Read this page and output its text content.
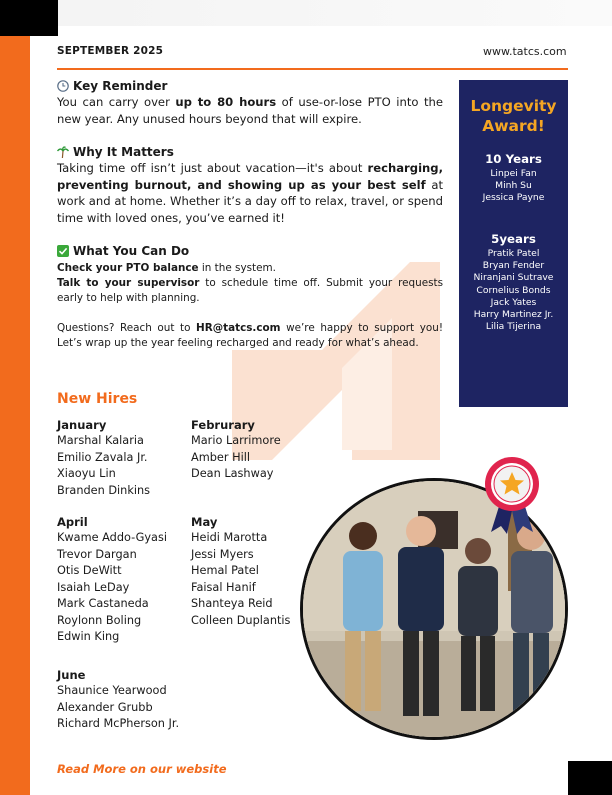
SEPTEMBER 2025	www.tatcs.com
Key Reminder
You can carry over up to 80 hours of use-or-lose PTO into the new year. Any unused hours beyond that will expire.
Why It Matters
Taking time off isn’t just about vacation—it's about recharging, preventing burnout, and showing up as your best self at work and at home. Whether it’s a day off to relax, travel, or spend time with loved ones, you’ve earned it!
What You Can Do
Check your PTO balance in the system.
Talk to your supervisor to schedule time off. Submit your requests early to help with planning.
Questions? Reach out to HR@tatcs.com we’re happy to support you! Let’s wrap up the year feeling recharged and ready for what’s ahead.
New Hires
January
Marshal Kalaria
Emilio Zavala Jr.
Xiaoyu Lin
Branden Dinkins
Februrary
Mario Larrimore
Amber Hill
Dean Lashway
April
Kwame Addo-Gyasi
Trevor Dargan
Otis DeWitt
Isaiah LeDay
Mark Castaneda
Roylonn Boling
Edwin King
May
Heidi Marotta
Jessi Myers
Hemal Patel
Faisal Hanif
Shanteya Reid
Colleen Duplantis
June
Shaunice Yearwood
Alexander Grubb
Richard McPherson Jr.
Longevity
Award!
10 Years
Linpei Fan
Minh Su
Jessica Payne
5years
Pratik Patel
Bryan Fender
Niranjani Sutrave
Cornelius Bonds
Jack Yates
Harry Martinez Jr.
Lilia Tijerina
Read More on our website
